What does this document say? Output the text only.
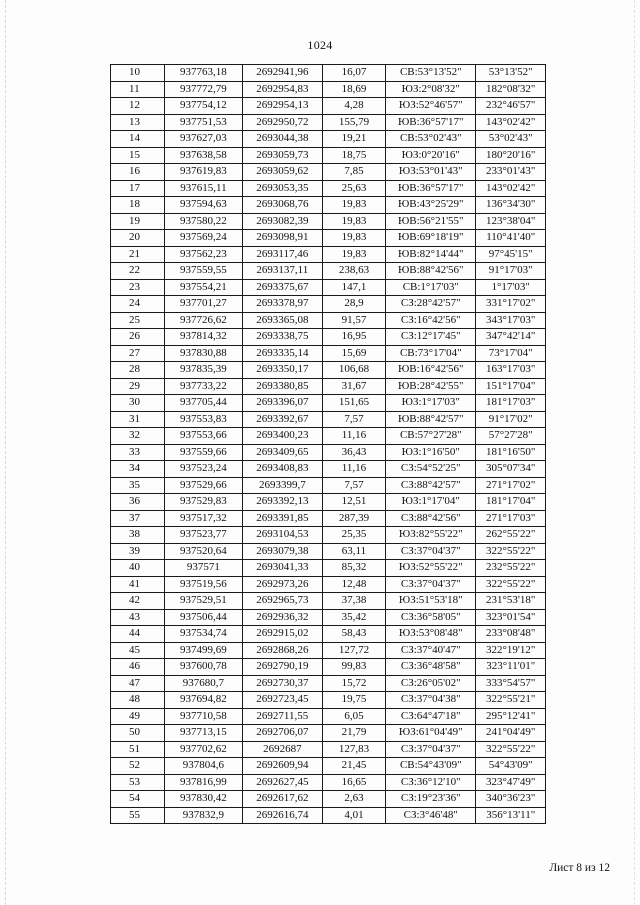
1024
10	937763,18	2692941,96	16,07	СВ:53°13'52"	53°13'52"
11	937772,79	2692954,83	18,69	ЮЗ:2°08'32"	182°08'32"
12	937754,12	2692954,13	4,28	ЮЗ:52°46'57"	232°46'57"
13	937751,53	2692950,72	155,79	ЮВ:36°57'17"	143°02'42"
14	937627,03	2693044,38	19,21	СВ:53°02'43"	53°02'43"
15	937638,58	2693059,73	18,75	ЮЗ:0°20'16"	180°20'16"
16	937619,83	2693059,62	7,85	ЮЗ:53°01'43"	233°01'43"
17	937615,11	2693053,35	25,63	ЮВ:36°57'17"	143°02'42"
18	937594,63	2693068,76	19,83	ЮВ:43°25'29"	136°34'30"
19	937580,22	2693082,39	19,83	ЮВ:56°21'55"	123°38'04"
20	937569,24	2693098,91	19,83	ЮВ:69°18'19"	110°41'40"
21	937562,23	2693117,46	19,83	ЮВ:82°14'44"	97°45'15"
22	937559,55	2693137,11	238,63	ЮВ:88°42'56"	91°17'03"
23	937554,21	2693375,67	147,1	СВ:1°17'03"	1°17'03"
24	937701,27	2693378,97	28,9	СЗ:28°42'57"	331°17'02"
25	937726,62	2693365,08	91,57	СЗ:16°42'56"	343°17'03"
26	937814,32	2693338,75	16,95	СЗ:12°17'45"	347°42'14"
27	937830,88	2693335,14	15,69	СВ:73°17'04"	73°17'04"
28	937835,39	2693350,17	106,68	ЮВ:16°42'56"	163°17'03"
29	937733,22	2693380,85	31,67	ЮВ:28°42'55"	151°17'04"
30	937705,44	2693396,07	151,65	ЮЗ:1°17'03"	181°17'03"
31	937553,83	2693392,67	7,57	ЮВ:88°42'57"	91°17'02"
32	937553,66	2693400,23	11,16	СВ:57°27'28"	57°27'28"
33	937559,66	2693409,65	36,43	ЮЗ:1°16'50"	181°16'50"
34	937523,24	2693408,83	11,16	СЗ:54°52'25"	305°07'34"
35	937529,66	2693399,7	7,57	СЗ:88°42'57"	271°17'02"
36	937529,83	2693392,13	12,51	ЮЗ:1°17'04"	181°17'04"
37	937517,32	2693391,85	287,39	СЗ:88°42'56"	271°17'03"
38	937523,77	2693104,53	25,35	ЮЗ:82°55'22"	262°55'22"
39	937520,64	2693079,38	63,11	СЗ:37°04'37"	322°55'22"
40	937571	2693041,33	85,32	ЮЗ:52°55'22"	232°55'22"
41	937519,56	2692973,26	12,48	СЗ:37°04'37"	322°55'22"
42	937529,51	2692965,73	37,38	ЮЗ:51°53'18"	231°53'18"
43	937506,44	2692936,32	35,42	СЗ:36°58'05"	323°01'54"
44	937534,74	2692915,02	58,43	ЮЗ:53°08'48"	233°08'48"
45	937499,69	2692868,26	127,72	СЗ:37°40'47"	322°19'12"
46	937600,78	2692790,19	99,83	СЗ:36°48'58"	323°11'01"
47	937680,7	2692730,37	15,72	СЗ:26°05'02"	333°54'57"
48	937694,82	2692723,45	19,75	СЗ:37°04'38"	322°55'21"
49	937710,58	2692711,55	6,05	СЗ:64°47'18"	295°12'41"
50	937713,15	2692706,07	21,79	ЮЗ:61°04'49"	241°04'49"
51	937702,62	2692687	127,83	СЗ:37°04'37"	322°55'22"
52	937804,6	2692609,94	21,45	СВ:54°43'09"	54°43'09"
53	937816,99	2692627,45	16,65	СЗ:36°12'10"	323°47'49"
54	937830,42	2692617,62	2,63	СЗ:19°23'36"	340°36'23"
55	937832,9	2692616,74	4,01	СЗ:3°46'48"	356°13'11"
Лист 8 из 12
